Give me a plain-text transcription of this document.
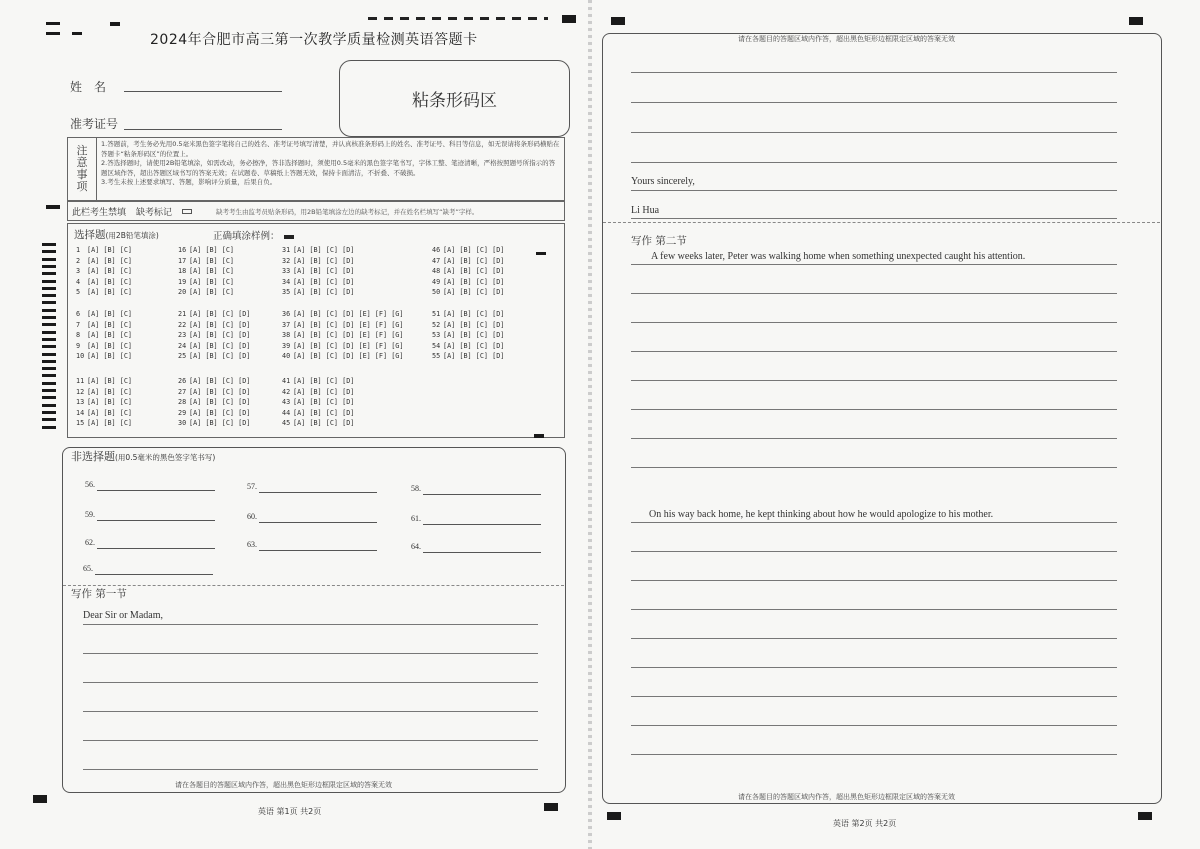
2024年合肥市高三第一次教学质量检测英语答题卡
姓　名
准考证号
粘条形码区
注
意
事
项
1.答题前，考生务必先用0.5毫米黑色签字笔将自己的姓名、准考证号填写清楚，并认真核准条形码上的姓名、准考证号、科目等信息，如无误请将条形码横贴在答题卡“粘条形码区”的位置上。
2.答选择题时，请使用2B铅笔填涂，如需改动，务必擦净，答非选择题时，须使用0.5毫米的黑色签字笔书写，字体工整、笔迹清晰，严格按照题号所指示的答题区域作答，超出答题区域书写的答案无效；在试题卷、草稿纸上答题无效，保持卡面清洁，不折叠、不破损。
3.考生未按上述要求填写、答题，影响评分质量，后果自负。
此栏考生禁填 缺考标记	缺考考生由监考员贴条形码，用2B铅笔填涂左边的缺考标记，并在姓名栏填写“缺考”字样。
选择题(用2B铅笔填涂)	正确填涂样例：
1 [A] [B] [C]
2 [A] [B] [C]
3 [A] [B] [C]
4 [A] [B] [C]
5 [A] [B] [C]
6 [A] [B] [C]
7 [A] [B] [C]
8 [A] [B] [C]
9 [A] [B] [C]
10 [A] [B] [C]
11 [A] [B] [C]
12 [A] [B] [C]
13 [A] [B] [C]
14 [A] [B] [C]
15 [A] [B] [C]
16 [A] [B] [C]
17 [A] [B] [C]
18 [A] [B] [C]
19 [A] [B] [C]
20 [A] [B] [C]
21 [A] [B] [C] [D]
22 [A] [B] [C] [D]
23 [A] [B] [C] [D]
24 [A] [B] [C] [D]
25 [A] [B] [C] [D]
26 [A] [B] [C] [D]
27 [A] [B] [C] [D]
28 [A] [B] [C] [D]
29 [A] [B] [C] [D]
30 [A] [B] [C] [D]
31 [A] [B] [C] [D]
32 [A] [B] [C] [D]
33 [A] [B] [C] [D]
34 [A] [B] [C] [D]
35 [A] [B] [C] [D]
36 [A] [B] [C] [D] [E] [F] [G]
37 [A] [B] [C] [D] [E] [F] [G]
38 [A] [B] [C] [D] [E] [F] [G]
39 [A] [B] [C] [D] [E] [F] [G]
40 [A] [B] [C] [D] [E] [F] [G]
41 [A] [B] [C] [D]
42 [A] [B] [C] [D]
43 [A] [B] [C] [D]
44 [A] [B] [C] [D]
45 [A] [B] [C] [D]
46 [A] [B] [C] [D]
47 [A] [B] [C] [D]
48 [A] [B] [C] [D]
49 [A] [B] [C] [D]
50 [A] [B] [C] [D]
51 [A] [B] [C] [D]
52 [A] [B] [C] [D]
53 [A] [B] [C] [D]
54 [A] [B] [C] [D]
55 [A] [B] [C] [D]
非选择题(用0.5毫米的黑色签字笔书写)
56.	57.	58.
59.	60.	61.
62.	63.	64.
65.
写作 第一节
Dear Sir or Madam,
请在各题目的答题区域内作答，超出黑色矩形边框限定区域的答案无效
英语 第1页 共2页
请在各题目的答题区域内作答，超出黑色矩形边框限定区域的答案无效
Yours sincerely,
Li Hua
写作 第二节
A few weeks later, Peter was walking home when something unexpected caught his attention.
On his way back home, he kept thinking about how he would apologize to his mother.
请在各题目的答题区域内作答，超出黑色矩形边框限定区域的答案无效
英语 第2页 共2页
